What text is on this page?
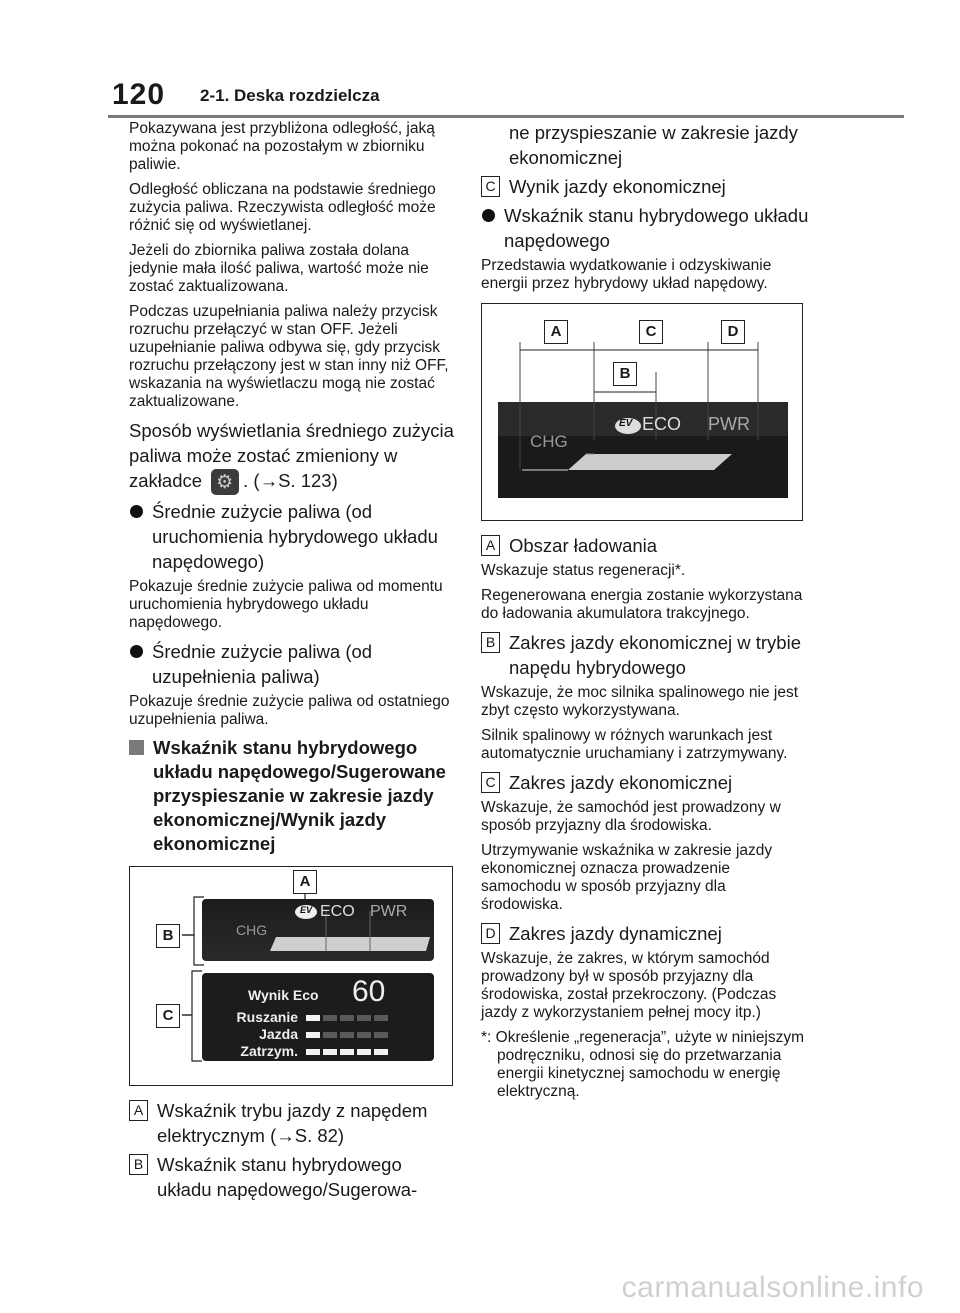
120 2-1. Deska rozdzielcza

Pokazywana jest przybliżona odległość, jaką można pokonać na pozostałym w zbiorniku paliwie.

Odległość obliczana na podstawie średniego zużycia paliwa. Rzeczywista odległość może różnić się od wyświetlanej.

Jeżeli do zbiornika paliwa została dolana jedynie mała ilość paliwa, wartość może nie zostać zaktualizowana.

Podczas uzupełniania paliwa należy przycisk rozruchu przełączyć w stan OFF. Jeżeli uzupełnianie paliwa odbywa się, gdy przycisk rozruchu przełączony jest w stan inny niż OFF, wskazania na wyświetlaczu mogą nie zostać zaktualizowane.

Sposób wyświetlania średniego zużycia paliwa może zostać zmieniony w zakładce ⚙ . (→S. 123)

Średnie zużycie paliwa (od uruchomienia hybrydowego układu napędowego)

Pokazuje średnie zużycie paliwa od momentu uruchomienia hybrydowego układu napędowego.

Średnie zużycie paliwa (od uzupełnienia paliwa)

Pokazuje średnie zużycie paliwa od ostatniego uzupełnienia paliwa.

Wskaźnik stanu hybrydowego układu napędowego/Sugerowane przyspieszanie w zakresie jazdy ekonomicznej/Wynik jazdy ekonomicznej
EV ECO PWR
CHG
Wynik Eco 60
Ruszanie
Jazda
Zatrzym.
A
B
C
A Wskaźnik trybu jazdy z napędem elektrycznym (→S. 82)
B Wskaźnik stanu hybrydowego układu napędowego/Sugerowa-
ne przyspieszanie w zakresie jazdy ekonomicznej
C Wynik jazdy ekonomicznej
Wskaźnik stanu hybrydowego układu napędowego

Przedstawia wydatkowanie i odzyskiwanie energii przez hybrydowy układ napędowy.

EV ECO PWR
CHG
A	C	D
B
A Obszar ładowania

Wskazuje status regeneracji*.

Regenerowana energia zostanie wykorzystana do ładowania akumulatora trakcyjnego.

B Zakres jazdy ekonomicznej w trybie napędu hybrydowego

Wskazuje, że moc silnika spalinowego nie jest zbyt często wykorzystywana.

Silnik spalinowy w różnych warunkach jest automatycznie uruchamiany i zatrzymywany.

C Zakres jazdy ekonomicznej

Wskazuje, że samochód jest prowadzony w sposób przyjazny dla środowiska.

Utrzymywanie wskaźnika w zakresie jazdy ekonomicznej oznacza prowadzenie samochodu w sposób przyjazny dla środowiska.

D Zakres jazdy dynamicznej

Wskazuje, że zakres, w którym samochód prowadzony był w sposób przyjazny dla środowiska, został przekroczony. (Podczas jazdy z wykorzystaniem pełnej mocy itp.)

*: Określenie „regeneracja”, użyte w niniejszym podręczniku, odnosi się do przetwarzania energii kinetycznej samochodu w energię elektryczną.

carmanualsonline.info
